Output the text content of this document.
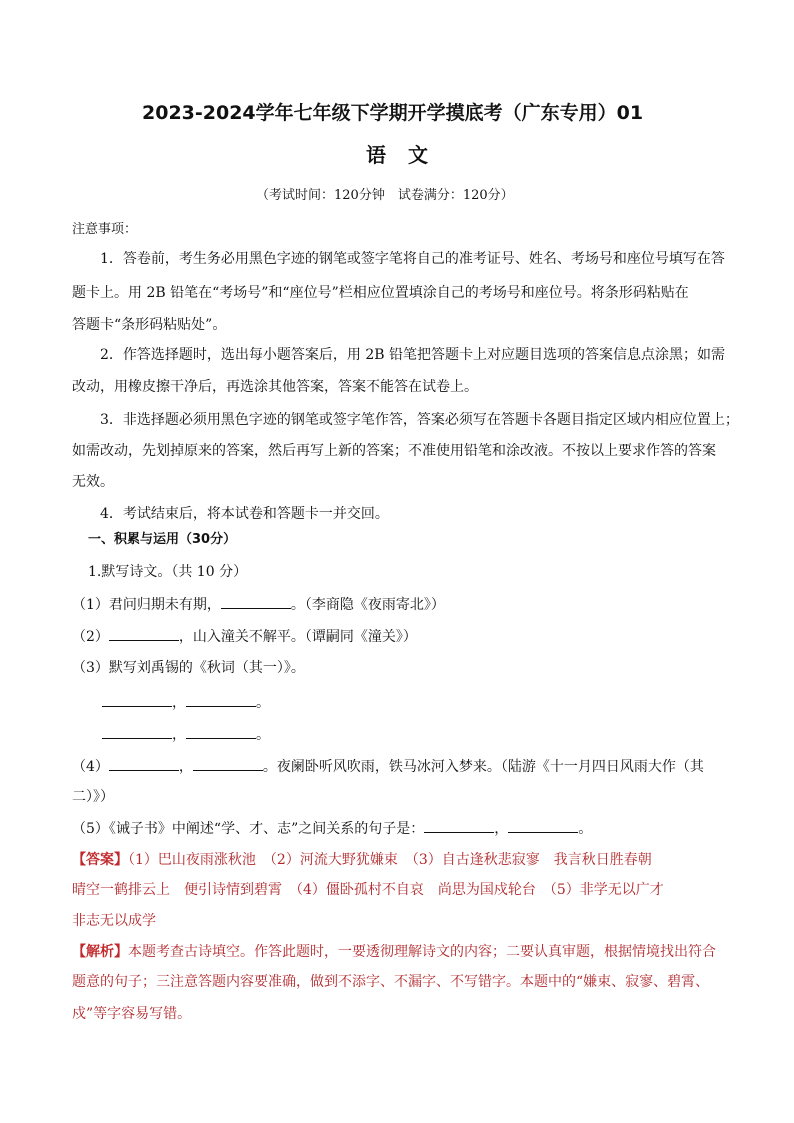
2023-2024学年七年级下学期开学摸底考（广东专用）01
语文
（考试时间：120分钟　试卷满分：120分）
注意事项：
1．答卷前，考生务必用黑色字迹的钢笔或签字笔将自己的准考证号、姓名、考场号和座位号填写在答
题卡上。用 2B 铅笔在“考场号”和“座位号”栏相应位置填涂自己的考场号和座位号。将条形码粘贴在
答题卡“条形码粘贴处”。
2．作答选择题时，选出每小题答案后，用 2B 铅笔把答题卡上对应题目选项的答案信息点涂黑；如需
改动，用橡皮擦干净后，再选涂其他答案，答案不能答在试卷上。
3．非选择题必须用黑色字迹的钢笔或签字笔作答，答案必须写在答题卡各题目指定区域内相应位置上；
如需改动，先划掉原来的答案，然后再写上新的答案；不准使用铅笔和涂改液。不按以上要求作答的答案
无效。
4．考试结束后，将本试卷和答题卡一并交回。
一、积累与运用（30分）
1.默写诗文。（共 10 分）
（1）君问归期未有期，	。（李商隐《夜雨寄北》）
（2）	，山入潼关不解平。（谭嗣同《潼关》）
（3）默写刘禹锡的《秋词（其一）》。
，	。
，	。
（4）	，	。夜阑卧听风吹雨，铁马冰河入梦来。（陆游《十一月四日风雨大作（其
二）》）
（5）《诫子书》中阐述“学、才、志”之间关系的句子是：	，	。
【答案】（1）巴山夜雨涨秋池　（2）河流大野犹嫌束　（3）自古逢秋悲寂寥　我言秋日胜春朝
晴空一鹤排云上　便引诗情到碧霄　（4）僵卧孤村不自哀　尚思为国戍轮台　（5）非学无以广才
非志无以成学
【解析】本题考查古诗填空。作答此题时，一要透彻理解诗文的内容；二要认真审题，根据情境找出符合
题意的句子；三注意答题内容要准确，做到不添字、不漏字、不写错字。本题中的“嫌束、寂寥、碧霄、
戍”等字容易写错。
